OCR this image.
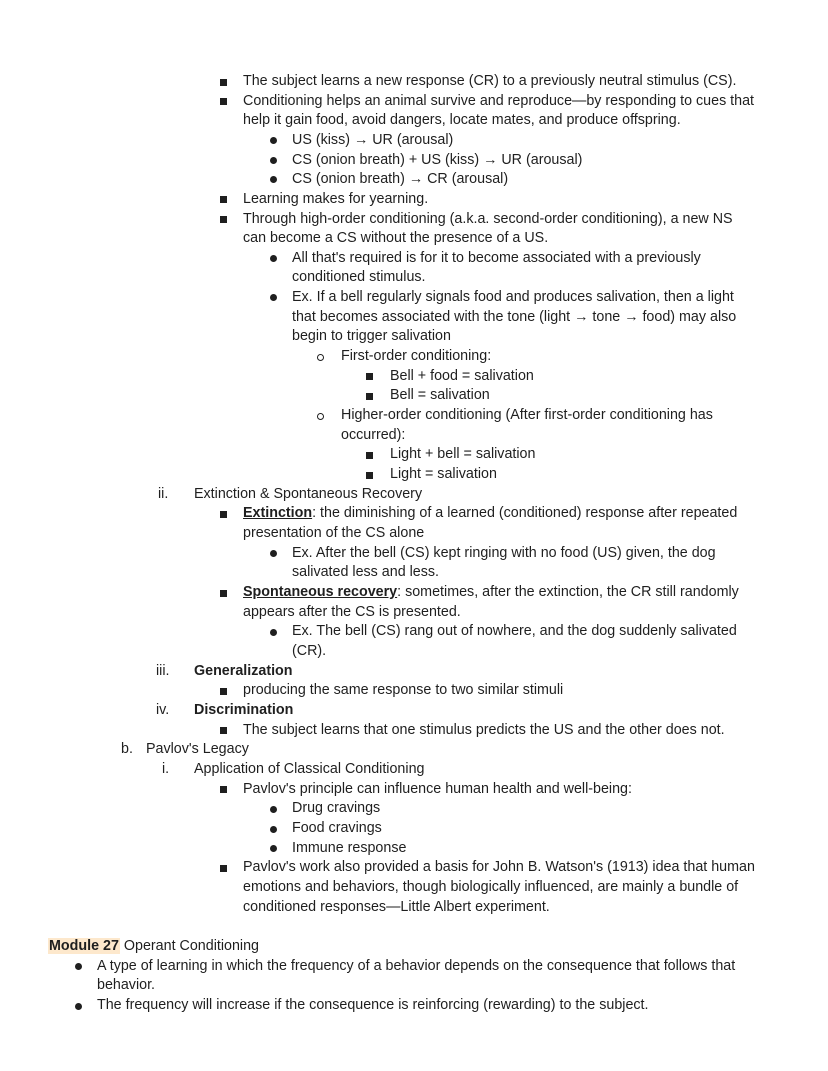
The subject learns a new response (CR) to a previously neutral stimulus (CS).
Conditioning helps an animal survive and reproduce—by responding to cues that
help it gain food, avoid dangers, locate mates, and produce offspring.
US (kiss) → UR (arousal)
CS (onion breath) + US (kiss) → UR (arousal)
CS (onion breath) → CR (arousal)
Learning makes for yearning.
Through high-order conditioning (a.k.a. second-order conditioning), a new NS
can become a CS without the presence of a US.
All that's required is for it to become associated with a previously
conditioned stimulus.
Ex. If a bell regularly signals food and produces salivation, then a light
that becomes associated with the tone (light → tone → food) may also
begin to trigger salivation
First-order conditioning:
Bell + food = salivation
Bell = salivation
Higher-order conditioning (After first-order conditioning has
occurred):
Light + bell = salivation
Light = salivation
ii. Extinction & Spontaneous Recovery
Extinction: the diminishing of a learned (conditioned) response after repeated
presentation of the CS alone
Ex. After the bell (CS) kept ringing with no food (US) given, the dog
salivated less and less.
Spontaneous recovery: sometimes, after the extinction, the CR still randomly
appears after the CS is presented.
Ex. The bell (CS) rang out of nowhere, and the dog suddenly salivated
(CR).
iii. Generalization
producing the same response to two similar stimuli
iv. Discrimination
The subject learns that one stimulus predicts the US and the other does not.
b. Pavlov's Legacy
i. Application of Classical Conditioning
Pavlov's principle can influence human health and well-being:
Drug cravings
Food cravings
Immune response
Pavlov's work also provided a basis for John B. Watson's (1913) idea that human
emotions and behaviors, though biologically influenced, are mainly a bundle of
conditioned responses—Little Albert experiment.
Module 27 Operant Conditioning
A type of learning in which the frequency of a behavior depends on the consequence that follows that
behavior.
The frequency will increase if the consequence is reinforcing (rewarding) to the subject.
